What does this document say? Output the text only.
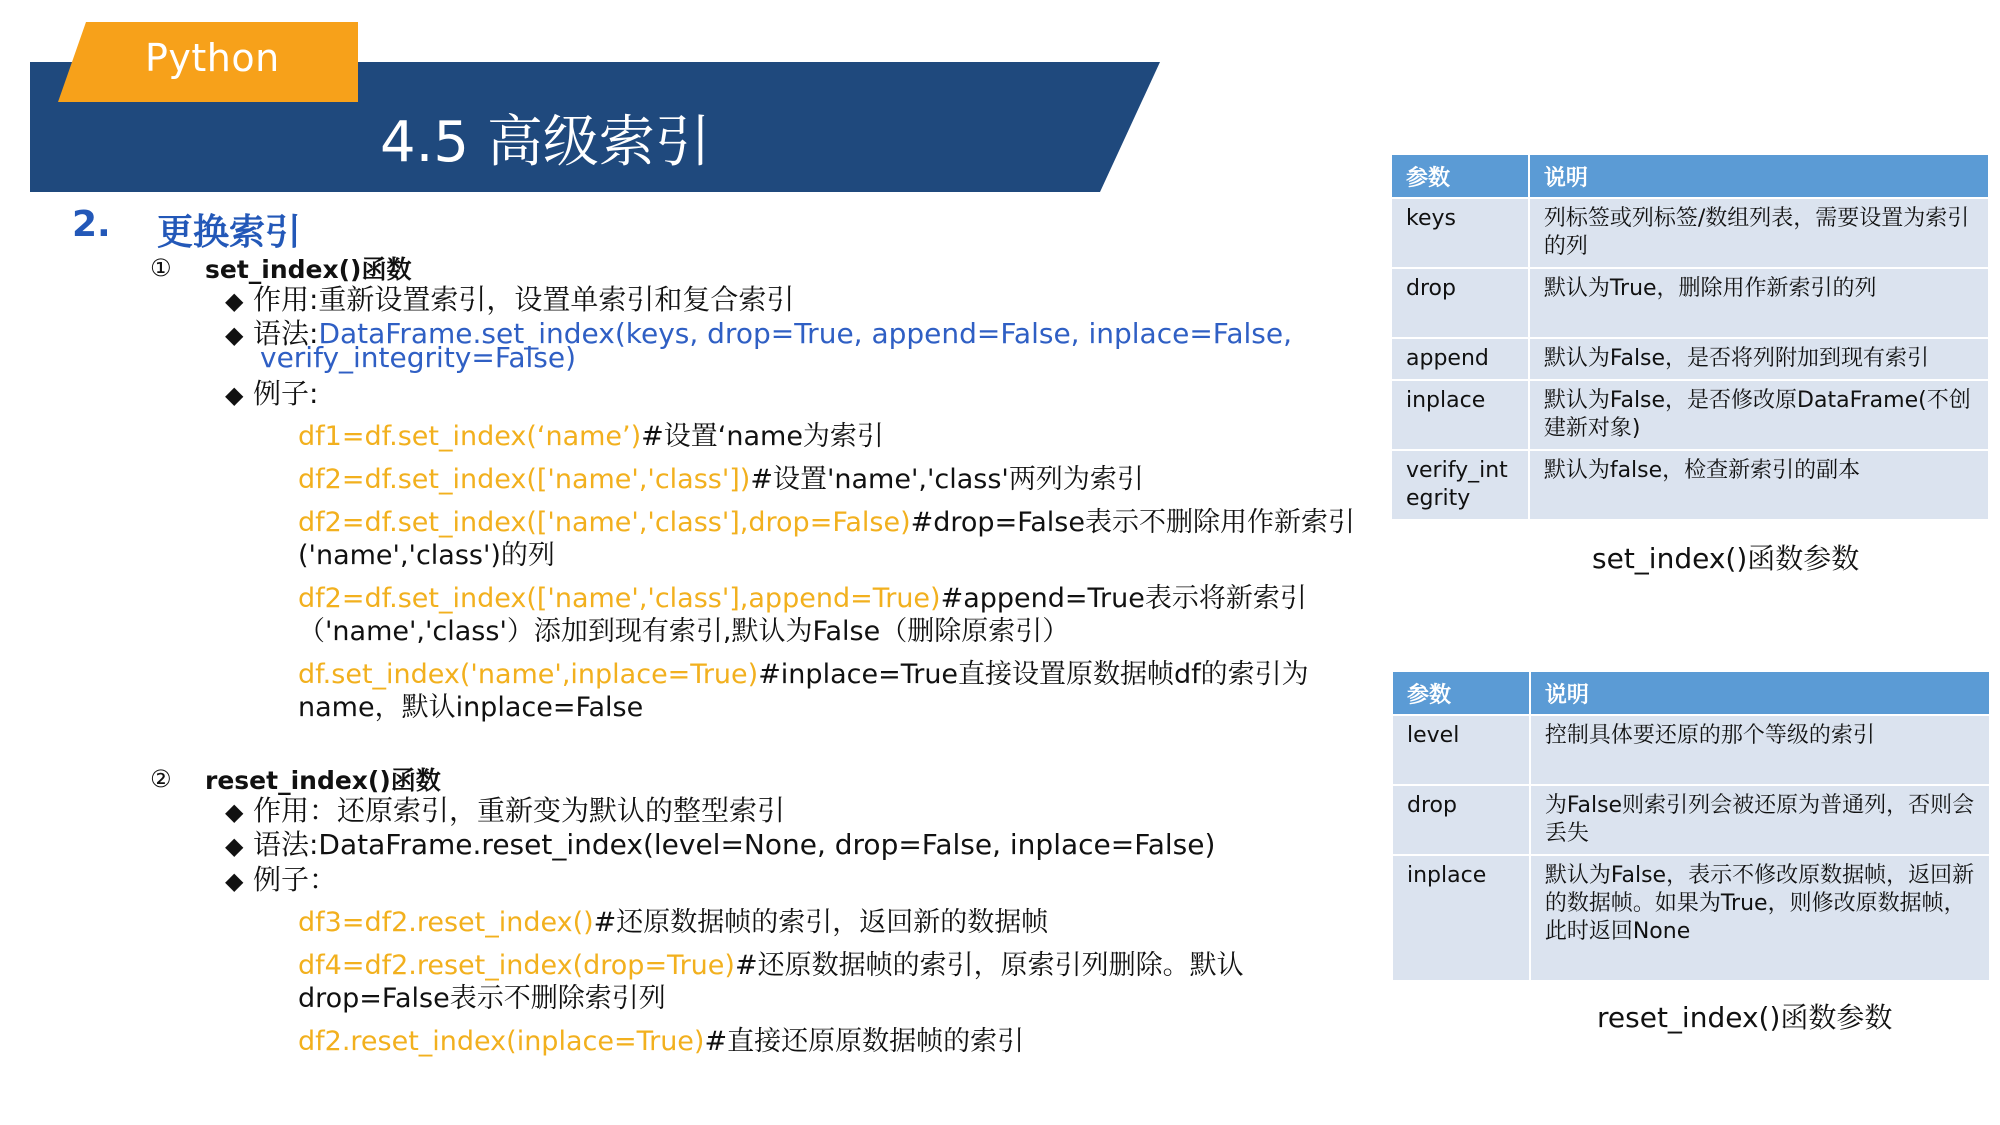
Python
4.5 高级索引
2. 更换索引
① set_index()函数
◆ 作用:重新设置索引，设置单索引和复合索引
◆ 语法:DataFrame.set_index(keys, drop=True, append=False, inplace=False,
verify_integrity=False)
◆ 例子:
df1=df.set_index(‘name’)#设置‘name为索引
df2=df.set_index(['name','class'])#设置'name','class'两列为索引
df2=df.set_index(['name','class'],drop=False)#drop=False表示不删除用作新索引
('name','class')的列
df2=df.set_index(['name','class'],append=True)#append=True表示将新索引
（'name','class'）添加到现有索引,默认为False（删除原索引）
df.set_index('name',inplace=True)#inplace=True直接设置原数据帧df的索引为
name，默认inplace=False
② reset_index()函数
◆ 作用：还原索引，重新变为默认的整型索引
◆ 语法:DataFrame.reset_index(level=None, drop=False, inplace=False)
◆ 例子：
df3=df2.reset_index()#还原数据帧的索引，返回新的数据帧
df4=df2.reset_index(drop=True)#还原数据帧的索引，原索引列删除。默认
drop=False表示不删除索引列
df2.reset_index(inplace=True)#直接还原原数据帧的索引
参数	说明
keys	列标签或列标签/数组列表，需要设置为索引的列
drop	默认为True，删除用作新索引的列
append	默认为False，是否将列附加到现有索引
inplace	默认为False，是否修改原DataFrame(不创建新对象)
verify_integrity	默认为false，检查新索引的副本
set_index()函数参数
参数	说明
level	控制具体要还原的那个等级的索引
drop	为False则索引列会被还原为普通列，否则会丢失
inplace	默认为False，表示不修改原数据帧，返回新的数据帧。如果为True，则修改原数据帧，此时返回None
reset_index()函数参数
